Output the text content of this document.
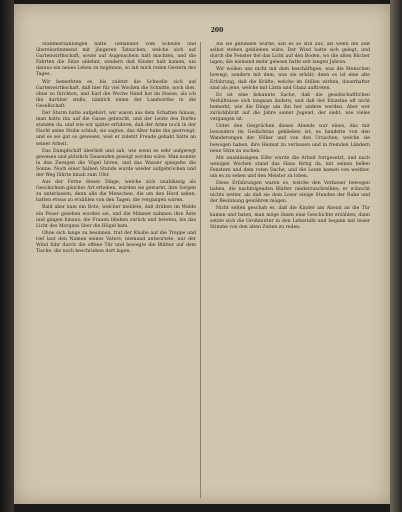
200

Stammerzählungen hatte. Gehandelt vom Scheine und übereinstimmend mit jüngeren Tatsachen, welche sich auf Gartenwirthschaft, sowie auf Augenschein halt machten, und die Fahrten die Sitze ablehnt, sondern daß Kinder halt kamen, um daraus ein neues Leben zu beginnen, so laß mich reden Gestern des Tages.

Wir bemerkten es, bis zuletzt die Schwelle sich auf Gartenwirthschaft, daß hier für viel Wochen die Schnitte, noch dies, ohne zu fürchten, und Karl die Woche Hand bot im Hause, als ich ihn darüber stelle, nämlich einen der Landwirthe in die Gesellschaft.

Der Sturm hatte aufgehört, wir waren aus dem Schatten hinaus, man hatte ihn auf die Gasse gebracht, und der Leute des Dorfes standen da, und wie wir später erfuhren, daß der Arme noch in der Nacht seine Stube schloß; sie sagten, das Alter habe ihn gestrengt, und es sei gut so gewesen, weil er zuletzt Freude gehabt hätte an seiner Arbeit.

Das Dampfschiff überließ und sah, wie wenn es sehr aufgeregt gewesen und plötzlich Tausenden gezeigt worden wäre. Man konnte in den Zweigen die Vögel hören, und das Wasser spiegelte die Sonne. Noch einer halben Stunde wurde wieder aufgebrochen und der Weg führte hinab zum Ufer.

Aus der Ferne dieser Dinge, welche sich unablässig als Geschichten gleicher Art erheben, wurden sie gewarnt, ihre Sorgen zu unterlassen, denn alle die Menschen, die um den Herd saßen, hatten etwas zu erzählen von den Tagen, die vergangen waren.

Bald aber kam ein Bote, welcher meldete, daß drüben im Walde ein Feuer gesehen worden sei, und die Männer nahmen ihre Äxte und gingen hinaus; die Frauen blieben zurück und beteten, bis das Licht des Morgens über die Hügel kam.

Ohne sich lange zu besinnen, trat der Knabe auf die Treppe und rief laut den Namen seines Vaters; niemand antwortete, nur der Wind fuhr durch die offene Tür und bewegte die Blätter auf dem Tische, die noch beschrieben dort lagen.

Als sie gefunden wurde, sah es so still aus, als wenn die Zeit selbst stehen geblieben wäre. Der Wind hatte sich gelegt, und durch die Fenster fiel das Licht auf den Boden, wo die alten Bücher lagen, die niemand mehr gelesen hatte seit langen Jahren.

Wir wollen uns nicht mit dem beschäftigen, was die Menschen bewegt, sondern mit dem, was sie erhält; denn es ist eine alte Erfahrung, daß die Kräfte, welche im Stillen wirken, dauerhafter sind als jene, welche mit Lärm und Glanz auftreten.

Es ist eine bekannte Sache, daß die gesellschaftlichen Verhältnisse sich langsam ändern, und daß der Einzelne oft nicht bemerkt, wie die Dinge um ihn her andere werden. Aber wer zurückblickt auf die Jahre seiner Jugend, der sieht, wie vieles vergangen ist.

Unter den Gesprächen dieses Abends war eines, das mir besonders im Gedächtnis geblieben ist; es handelte von den Wanderungen der Völker und von den Ursachen, welche sie bewogen haben, ihre Heimat zu verlassen und in fremden Ländern neue Sitze zu suchen.

Mit unablässigem Eifer wurde die Arbeit fortgesetzt, und nach wenigen Wochen stand das Haus fertig da, mit seinen hellen Fenstern und dem roten Dache, und die Leute kamen von weither, um es zu sehen und den Meister zu loben.

Diese Erfahrungen waren es, welche den Verfasser bewogen haben, die nachfolgenden Blätter niederzuschreiben; er wünscht nichts weiter, als daß sie dem Leser einige Stunden der Ruhe und der Besinnung gewähren mögen.

Nicht selten geschah es, daß die Kinder am Abend an die Tür kamen und baten, man möge ihnen eine Geschichte erzählen; dann setzte sich die Großmutter in den Lehnstuhl und begann mit leiser Stimme von den alten Zeiten zu reden.
